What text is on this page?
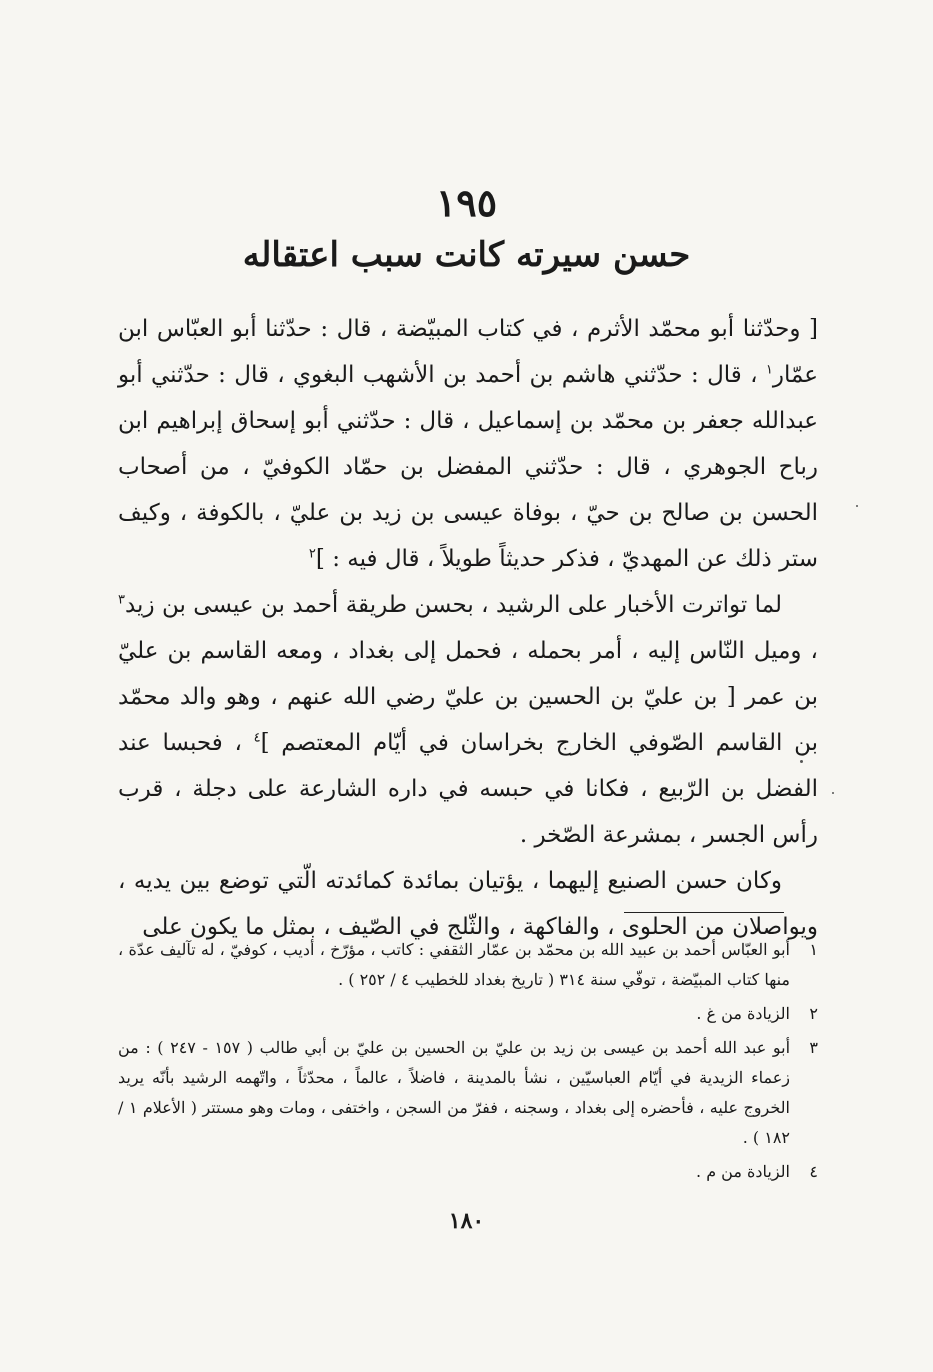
١٩٥
حسن سيرته كانت سبب اعتقاله

[ وحدّثنا أبو محمّد الأثرم ، في كتاب المبيّضة ، قال : حدّثنا أبو العبّاس ابن عمّار$^١$ ، قال : حدّثني هاشم بن أحمد بن الأشهب البغوي ، قال : حدّثني أبو عبدالله جعفر بن محمّد بن إسماعيل ، قال : حدّثني أبو إسحاق إبراهيم ابن رباح الجوهري ، قال : حدّثني المفضل بن حمّاد الكوفيّ ، من أصحاب الحسن بن صالح بن حيّ ، بوفاة عيسى بن زيد بن عليّ ، بالكوفة ، وكيف ستر ذلك عن المهديّ ، فذكر حديثاً طويلاً ، قال فيه : ]$^٢$

لما تواترت الأخبار على الرشيد ، بحسن طريقة أحمد بن عيسى بن زيد$^٣$ ، وميل النّاس إليه ، أمر بحمله ، فحمل إلى بغداد ، ومعه القاسم بن عليّ بن عمر [ بن عليّ بن الحسين بن عليّ رضي الله عنهم ، وهو والد محمّد بن القاسم الصّوفي الخارج بخراسان في أيّام المعتصم ]$^٤$ ، فحبسا عند الفضل بن الرّبيع ، فكانا في حبسه في داره الشارعة على دجلة ، قرب رأس الجسر ، بمشرعة الصّخر .

وكان حسن الصنيع إليهما ، يؤتيان بمائدة كمائدته الّتي توضع بين يديه ، ويواصلان من الحلوى ، والفاكهة ، والثّلج في الصّيف ، بمثل ما يكون على

١
أبو العبّاس أحمد بن عبيد الله بن محمّد بن عمّار الثقفي : كاتب ، مؤرّخ ، أديب ، كوفيّ ، له تآليف عدّة ، منها كتاب المبيّضة ، توفّي سنة ٣١٤ ( تاريخ بغداد للخطيب ٤ / ٢٥٢ ) .
٢
الزيادة من غ .
٣
أبو عبد الله أحمد بن عيسى بن زيد بن عليّ بن الحسين بن عليّ بن أبي طالب ( ١٥٧ - ٢٤٧ ) : من زعماء الزيدية في أيّام العباسيّين ، نشأ بالمدينة ، فاضلاً ، عالماً ، محدّثاً ، واتّهمه الرشيد بأنّه يريد الخروج عليه ، فأحضره إلى بغداد ، وسجنه ، ففرّ من السجن ، واختفى ، ومات وهو مستتر ( الأعلام ١ / ١٨٢ ) .
٤
الزيادة من م .
١٨٠
